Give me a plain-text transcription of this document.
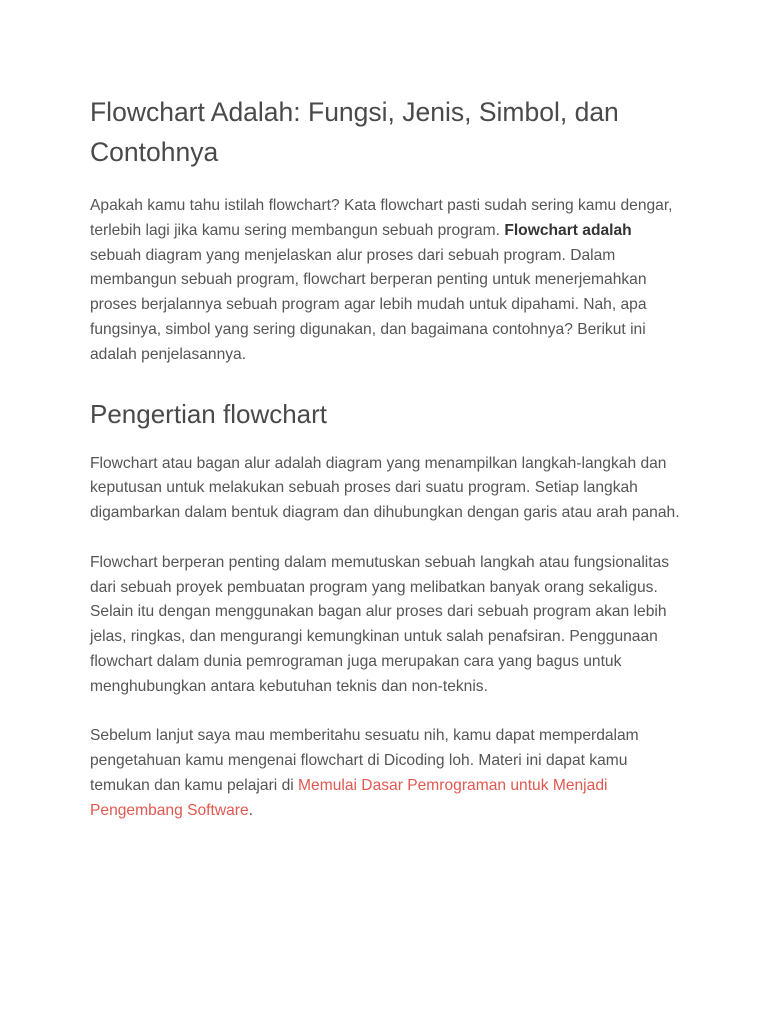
Flowchart Adalah: Fungsi, Jenis, Simbol, dan Contohnya

Apakah kamu tahu istilah flowchart? Kata flowchart pasti sudah sering kamu dengar, terlebih lagi jika kamu sering membangun sebuah program. Flowchart adalah sebuah diagram yang menjelaskan alur proses dari sebuah program. Dalam membangun sebuah program, flowchart berperan penting untuk menerjemahkan proses berjalannya sebuah program agar lebih mudah untuk dipahami. Nah, apa fungsinya, simbol yang sering digunakan, dan bagaimana contohnya? Berikut ini adalah penjelasannya.

Pengertian flowchart

Flowchart atau bagan alur adalah diagram yang menampilkan langkah-langkah dan keputusan untuk melakukan sebuah proses dari suatu program. Setiap langkah digambarkan dalam bentuk diagram dan dihubungkan dengan garis atau arah panah.

Flowchart berperan penting dalam memutuskan sebuah langkah atau fungsionalitas dari sebuah proyek pembuatan program yang melibatkan banyak orang sekaligus. Selain itu dengan menggunakan bagan alur proses dari sebuah program akan lebih jelas, ringkas, dan mengurangi kemungkinan untuk salah penafsiran. Penggunaan flowchart dalam dunia pemrograman juga merupakan cara yang bagus untuk menghubungkan antara kebutuhan teknis dan non-teknis.

Sebelum lanjut saya mau memberitahu sesuatu nih, kamu dapat memperdalam pengetahuan kamu mengenai flowchart di Dicoding loh. Materi ini dapat kamu temukan dan kamu pelajari di Memulai Dasar Pemrograman untuk Menjadi Pengembang Software.
